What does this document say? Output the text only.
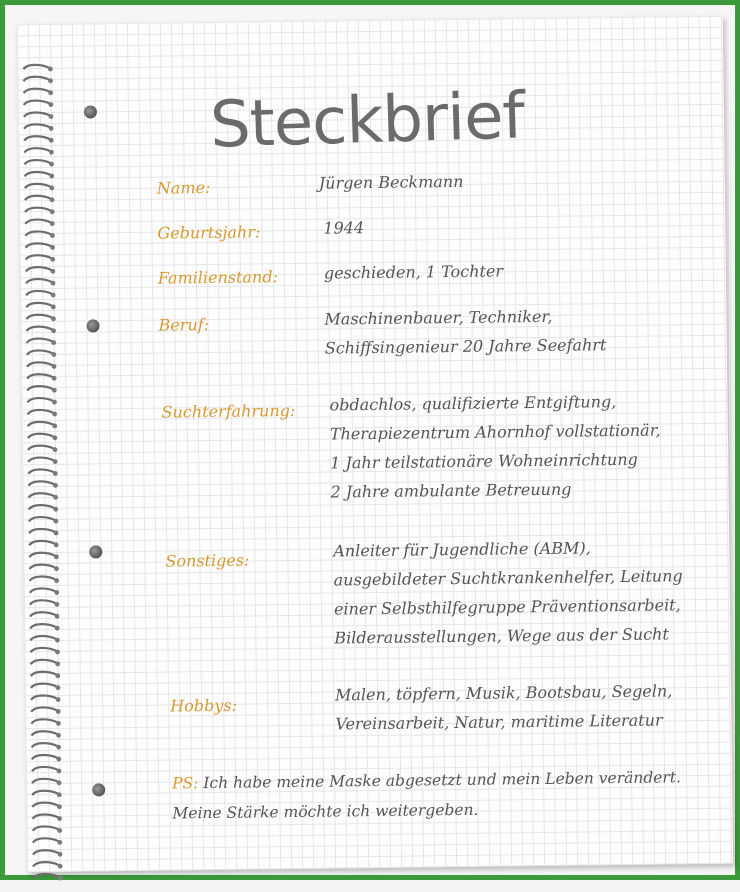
Steckbrief
Name:	Jürgen Beckmann
Geburtsjahr:	1944
Familienstand:	geschieden, 1 Tochter
Beruf:	Maschinenbauer, Techniker,
Schiffsingenieur 20 Jahre Seefahrt
Suchterfahrung: obdachlos, qualifizierte Entgiftung,
Therapiezentrum Ahornhof vollstationär,
1 Jahr teilstationäre Wohneinrichtung
2 Jahre ambulante Betreuung
Sonstiges:
Anleiter für Jugendliche (ABM),
ausgebildeter Suchtkrankenhelfer, Leitung
einer Selbsthilfegruppe Präventionsarbeit,
Bilderausstellungen, Wege aus der Sucht
Hobbys:
Malen, töpfern, Musik, Bootsbau, Segeln,
Vereinsarbeit, Natur, maritime Literatur
PS: Ich habe meine Maske abgesetzt und mein Leben verändert.
Meine Stärke möchte ich weitergeben.
